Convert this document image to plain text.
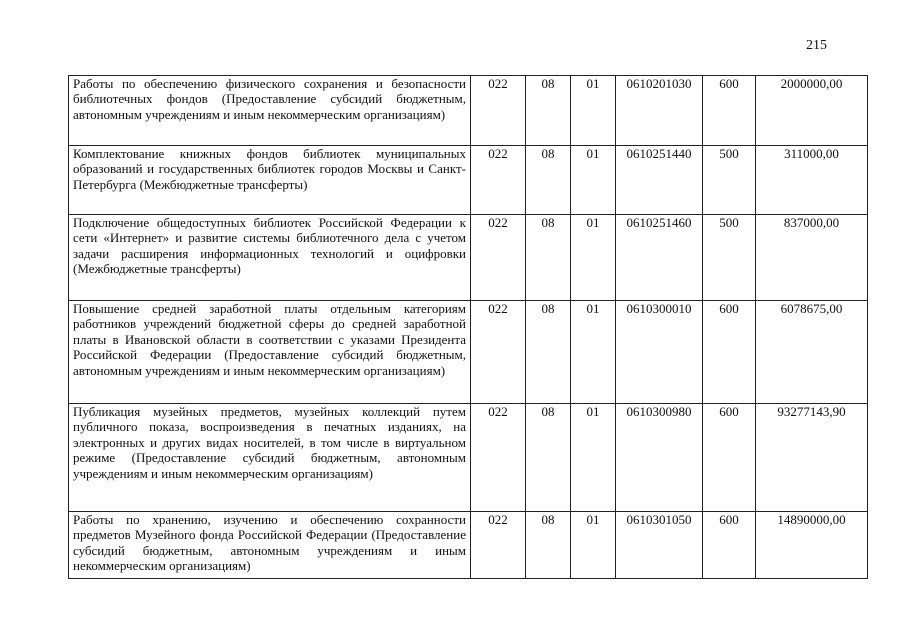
215
Работы по обеспечению физического сохранения и безопасности библиотечных фондов (Предоставление субсидий бюджетным, автономным учреждениям и иным некоммерческим организациям)	022	08	01	0610201030	600	2000000,00
Комплектование книжных фондов библиотек муниципальных образований и государственных библиотек городов Москвы и Санкт-Петербурга (Межбюджетные трансферты)	022	08	01	0610251440	500	311000,00
Подключение общедоступных библиотек Российской Федерации к сети «Интернет» и развитие системы библиотечного дела с учетом задачи расширения информационных технологий и оцифровки (Межбюджетные трансферты)	022	08	01	0610251460	500	837000,00
Повышение средней заработной платы отдельным категориям работников учреждений бюджетной сферы до средней заработной платы в Ивановской области в соответствии с указами Президента Российской Федерации (Предоставление субсидий бюджетным, автономным учреждениям и иным некоммерческим организациям)	022	08	01	0610300010	600	6078675,00
Публикация музейных предметов, музейных коллекций путем публичного показа, воспроизведения в печатных изданиях, на электронных и других видах носителей, в том числе в виртуальном режиме (Предоставление субсидий бюджетным, автономным учреждениям и иным некоммерческим организациям)	022	08	01	0610300980	600	93277143,90
Работы по хранению, изучению и обеспечению сохранности предметов Музейного фонда Российской Федерации (Предоставление субсидий бюджетным, автономным учреждениям и иным некоммерческим организациям)	022	08	01	0610301050	600	14890000,00
